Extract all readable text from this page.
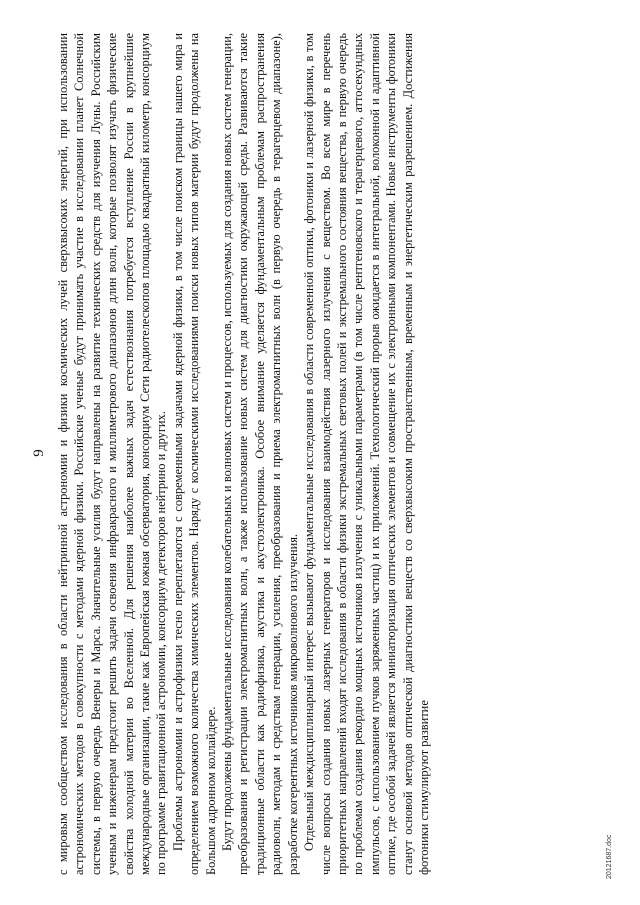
9 с мировым сообществом исследования в области нейтринной астрономии и физики космических лучей сверхвысоких энергий, при использовании астрономических методов в совокупности с методами ядерной физики. Российские ученые будут принимать участие в исследовании планет Солнечной системы, в первую очередь Венеры и Марса. Значительные усилия будут направлены на развитие технических средств для изучения Луны. Российским ученым и инженерам предстоит решить задачи освоения инфракрасного и миллиметрового диапазонов длин волн, которые позволят изучать физические свойства холодной материи во Вселенной. Для решения наиболее важных задач естествознания потребуется вступление России в крупнейшие международные организации, такие как Европейская южная обсерватория, консорциум Сети радиотелескопов площадью квадратный километр, консорциум по программе гравитационной астрономии, консорциум детекторов нейтрино и других. Проблемы астрономии и астрофизики тесно переплетаются с современными задачами ядерной физики, в том числе поиском границы нашего мира и определением возможного количества химических элементов. Наряду с космическими исследованиями поиски новых типов материи будут продолжены на Большом адронном коллайдере. Будут продолжены фундаментальные исследования колебательных и волновых систем и процессов, используемых для создания новых систем генерации, преобразования и регистрации электромагнитных волн, а также использование новых систем для диагностики окружающей среды. Развиваются такие традиционные области как радиофизика, акустика и акустоэлектроника. Особое внимание уделяется фундаментальным проблемам распространения радиоволн, методам и средствам генерации, усиления, преобразования и приема электромагнитных волн (в первую очередь в терагерцевом диапазоне), разработке когерентных источников микроволнового излучения. Отдельный междисциплинарный интерес вызывают фундаментальные исследования в области современной оптики, фотоники и лазерной физики, в том числе вопросы создания новых лазерных генераторов и исследования взаимодействия лазерного излучения с веществом. Во всем мире в перечень приоритетных направлений входят исследования в области физики экстремальных световых полей и экстремального состояния вещества, в первую очередь по проблемам создания рекордно мощных источников излучения с уникальными параметрами (в том числе рентгеновского и терагерцевого, аттосекундных импульсов, с использованием пучков заряженных частиц) и их приложений. Технологический прорыв ожидается в интегральной, волоконной и адаптивной оптике, где особой задачей является миниатюризация оптических элементов и совмещение их с электронными компонентами. Новые инструменты фотоники станут основой методов оптической диагностики веществ со сверхвысоким пространственным, временным и энергетическим разрешением. Достижения фотоники стимулируют развитие	20121687.doc
